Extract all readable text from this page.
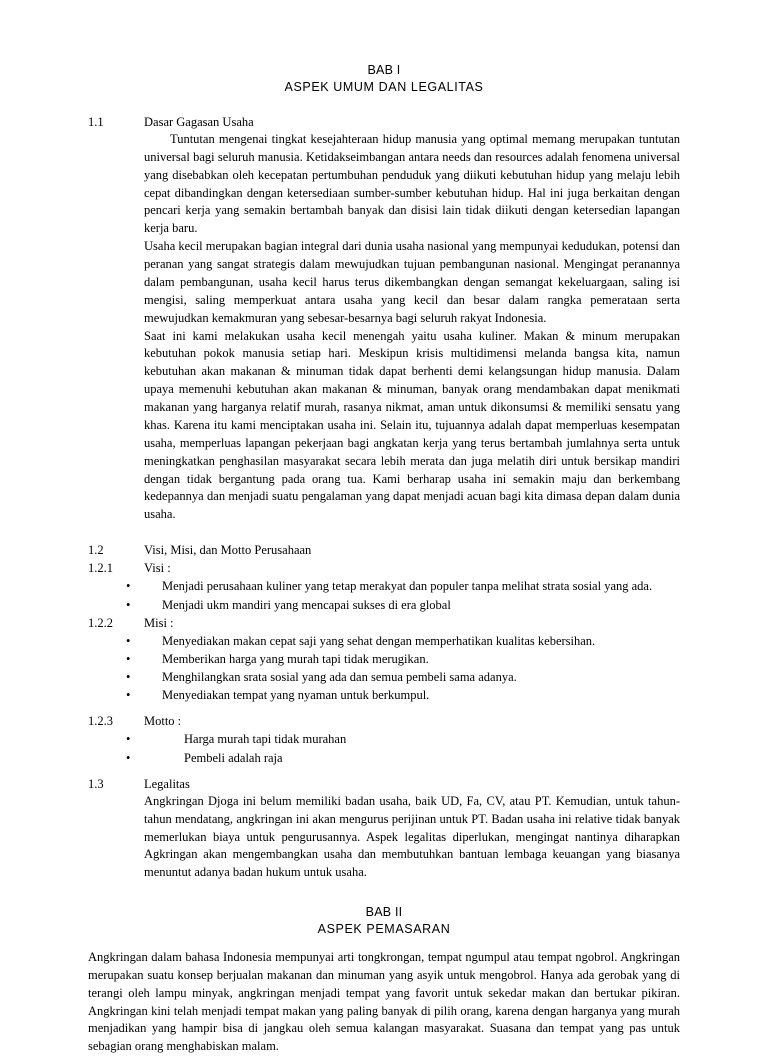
BAB I
ASPEK UMUM DAN LEGALITAS
1.1	Dasar Gagasan Usaha

Tuntutan mengenai tingkat kesejahteraan hidup manusia yang optimal memang merupakan tuntutan universal bagi seluruh manusia. Ketidakseimbangan antara needs dan resources adalah fenomena universal yang disebabkan oleh kecepatan pertumbuhan penduduk yang diikuti kebutuhan hidup yang melaju lebih cepat dibandingkan dengan ketersediaan sumber-sumber kebutuhan hidup. Hal ini juga berkaitan dengan pencari kerja yang semakin bertambah banyak dan disisi lain tidak diikuti dengan ketersedian lapangan kerja baru.

Usaha kecil merupakan bagian integral dari dunia usaha nasional yang mempunyai kedudukan, potensi dan peranan yang sangat strategis dalam mewujudkan tujuan pembangunan nasional. Mengingat peranannya dalam pembangunan, usaha kecil harus terus dikembangkan dengan semangat kekeluargaan, saling isi mengisi, saling memperkuat antara usaha yang kecil dan besar dalam rangka pemerataan serta mewujudkan kemakmuran yang sebesar-besarnya bagi seluruh rakyat Indonesia.

Saat ini kami melakukan usaha kecil menengah yaitu usaha kuliner. Makan & minum merupakan kebutuhan pokok manusia setiap hari. Meskipun krisis multidimensi melanda bangsa kita, namun kebutuhan akan makanan & minuman tidak dapat berhenti demi kelangsungan hidup manusia. Dalam upaya memenuhi kebutuhan akan makanan & minuman, banyak orang mendambakan dapat menikmati makanan yang harganya relatif murah, rasanya nikmat, aman untuk dikonsumsi & memiliki sensatu yang khas. Karena itu kami menciptakan usaha ini. Selain itu, tujuannya adalah dapat memperluas kesempatan usaha, memperluas lapangan pekerjaan bagi angkatan kerja yang terus bertambah jumlahnya serta untuk meningkatkan penghasilan masyarakat secara lebih merata dan juga melatih diri untuk bersikap mandiri dengan tidak bergantung pada orang tua. Kami berharap usaha ini semakin maju dan berkembang kedepannya dan menjadi suatu pengalaman yang dapat menjadi acuan bagi kita dimasa depan dalam dunia usaha.

1.2	Visi, Misi, dan Motto Perusahaan
1.2.1	Visi :
• Menjadi perusahaan kuliner yang tetap merakyat dan populer tanpa melihat strata sosial yang ada.
• Menjadi ukm mandiri yang mencapai sukses di era global
1.2.2	Misi :
• Menyediakan makan cepat saji yang sehat dengan memperhatikan kualitas kebersihan.
• Memberikan harga yang murah tapi tidak merugikan.
• Menghilangkan srata sosial yang ada dan semua pembeli sama adanya.
• Menyediakan tempat yang nyaman untuk berkumpul.
1.2.3	Motto :
• Harga murah tapi tidak murahan
• Pembeli adalah raja
1.3	Legalitas

Angkringan Djoga ini belum memiliki badan usaha, baik UD, Fa, CV, atau PT. Kemudian, untuk tahun-tahun mendatang, angkringan ini akan mengurus perijinan untuk PT. Badan usaha ini relative tidak banyak memerlukan biaya untuk pengurusannya. Aspek legalitas diperlukan, mengingat nantinya diharapkan Agkringan akan mengembangkan usaha dan membutuhkan bantuan lembaga keuangan yang biasanya menuntut adanya badan hukum untuk usaha.

BAB II
ASPEK PEMASARAN

Angkringan dalam bahasa Indonesia mempunyai arti tongkrongan, tempat ngumpul atau tempat ngobrol. Angkringan merupakan suatu konsep berjualan makanan dan minuman yang asyik untuk mengobrol. Hanya ada gerobak yang di terangi oleh lampu minyak, angkringan menjadi tempat yang favorit untuk sekedar makan dan bertukar pikiran. Angkringan kini telah menjadi tempat makan yang paling banyak di pilih orang, karena dengan harganya yang murah menjadikan yang hampir bisa di jangkau oleh semua kalangan masyarakat. Suasana dan tempat yang pas untuk sebagian orang menghabiskan malam.
